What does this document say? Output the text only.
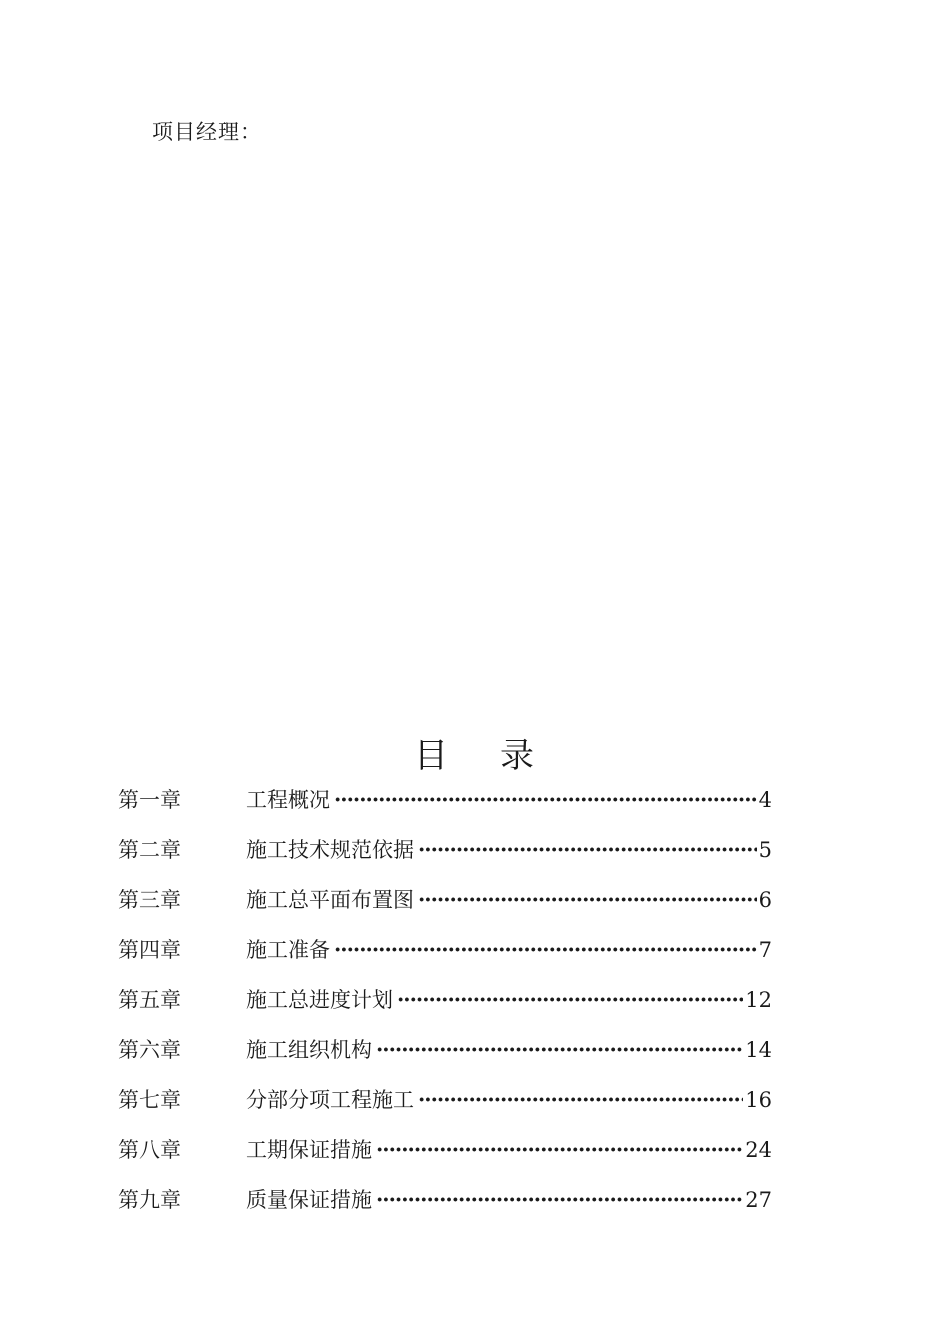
项目经理：
目 录
第一章	工程概况 ·····	4
第二章	施工技术规范依据 ·····	5
第三章	施工总平面布置图 ·····	6
第四章	施工准备 ·····	7
第五章	施工总进度计划 ·····	12
第六章	施工组织机构 ·····	14
第七章	分部分项工程施工 ·····	16
第八章	工期保证措施 ·····	24
第九章	质量保证措施 ·····	27
